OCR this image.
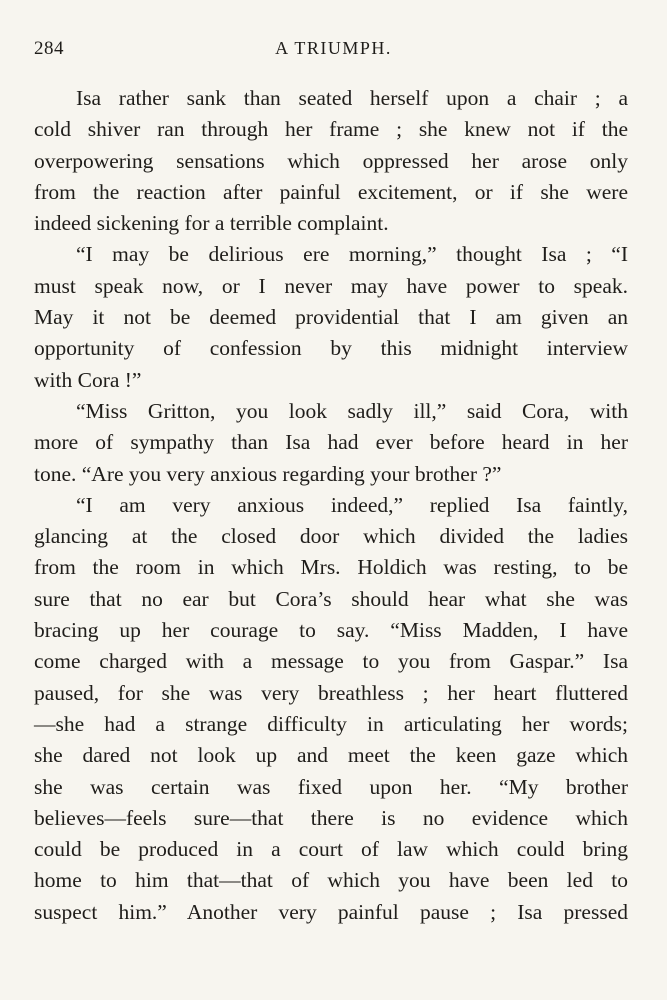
284	A TRIUMPH.
Isa rather sank than seated herself upon a chair ; a
cold shiver ran through her frame ; she knew not if the
overpowering sensations which oppressed her arose only
from the reaction after painful excitement, or if she were
indeed sickening for a terrible complaint.
“I may be delirious ere morning,” thought Isa ; “I
must speak now, or I never may have power to speak.
May it not be deemed providential that I am given an
opportunity of confession by this midnight interview
with Cora !”
“Miss Gritton, you look sadly ill,” said Cora, with
more of sympathy than Isa had ever before heard in her
tone. “Are you very anxious regarding your brother ?”
“I am very anxious indeed,” replied Isa faintly,
glancing at the closed door which divided the ladies
from the room in which Mrs. Holdich was resting, to be
sure that no ear but Cora’s should hear what she was
bracing up her courage to say. “Miss Madden, I have
come charged with a message to you from Gaspar.” Isa
paused, for she was very breathless ; her heart fluttered
—she had a strange difficulty in articulating her words;
she dared not look up and meet the keen gaze which
she was certain was fixed upon her. “My brother
believes—feels sure—that there is no evidence which
could be produced in a court of law which could bring
home to him that—that of which you have been led to
suspect him.” Another very painful pause ; Isa pressed
